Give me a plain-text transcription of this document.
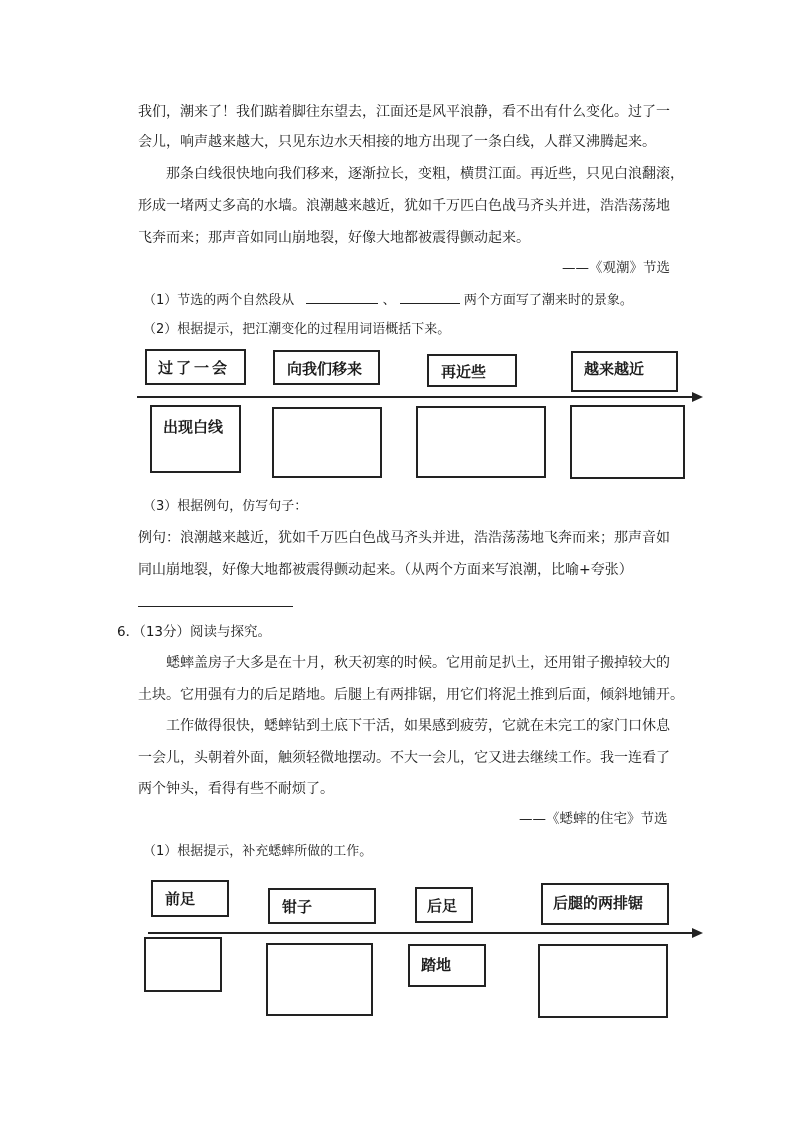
我们，潮来了！我们踮着脚往东望去，江面还是风平浪静，看不出有什么变化。过了一
会儿，响声越来越大，只见东边水天相接的地方出现了一条白线，人群又沸腾起来。
那条白线很快地向我们移来，逐渐拉长，变粗，横贯江面。再近些，只见白浪翻滚，
形成一堵两丈多高的水墙。浪潮越来越近，犹如千万匹白色战马齐头并进，浩浩荡荡地
飞奔而来；那声音如同山崩地裂，好像大地都被震得颤动起来。
——《观潮》节选
（1）节选的两个自然段从	、	两个方面写了潮来时的景象。
（2）根据提示，把江潮变化的过程用词语概括下来。
过了一会	向我们移来	再近些	越来越近
出现白线
（3）根据例句，仿写句子：
例句：浪潮越来越近，犹如千万匹白色战马齐头并进，浩浩荡荡地飞奔而来；那声音如
同山崩地裂，好像大地都被震得颤动起来。（从两个方面来写浪潮，比喻+夸张）
6．（13分）阅读与探究。
蟋蟀盖房子大多是在十月，秋天初寒的时候。它用前足扒土，还用钳子搬掉较大的
土块。它用强有力的后足踏地。后腿上有两排锯，用它们将泥土推到后面，倾斜地铺开。
工作做得很快，蟋蟀钻到土底下干活，如果感到疲劳，它就在未完工的家门口休息
一会儿，头朝着外面，触须轻微地摆动。不大一会儿，它又进去继续工作。我一连看了
两个钟头，看得有些不耐烦了。
——《蟋蟀的住宅》节选
（1）根据提示，补充蟋蟀所做的工作。
前足	钳子	后足	后腿的两排锯
踏地
